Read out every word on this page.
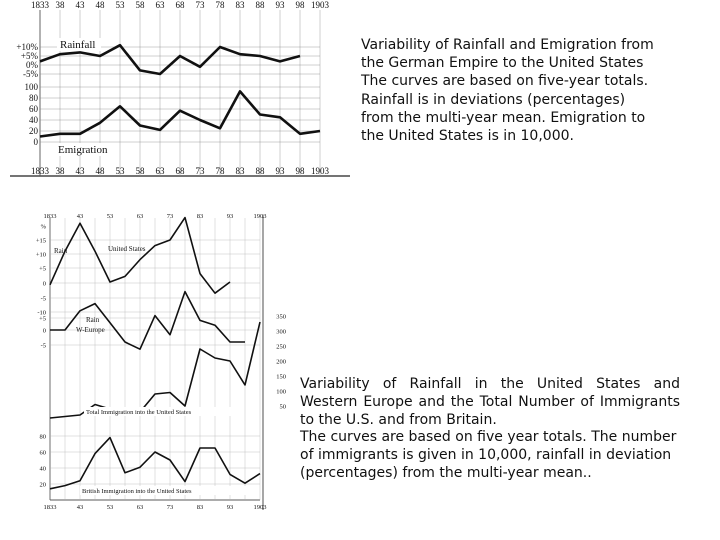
1833
1833
38
38
43
43
48
48
53
53
58
58
63
63
68
68
73
73
78
78
83
83
88
88
93
93
98
98
1903
1903
+10%
+5%
0%
-5%
100
80
60
40
20
0
Rainfall
Emigration
1833	43	53	63	73	83	93	1903
1833	43	53	63	73	83	93	1903
%
+15
+10
+5
0
-5
-10
+5
0
-5
80
60
40
20
350
300
250
200
150
100
50
Rain	United States
Rain
W-Europe
Total Immigration into the United States
British Immigration into the United States

Variability of Rainfall and Emigration from the German Empire to the United States

The curves are based on five-year totals. Rainfall is in deviations (percentages) from the multi-year mean. Emigration to the United States is in 10,000.

Variability of Rainfall in the United States and Western Europe and the Total Number of Immigrants to the U.S. and from Britain.

The curves are based on five year totals. The number of immigrants is given in 10,000, rainfall in deviation (percentages) from the multi-year mean..
